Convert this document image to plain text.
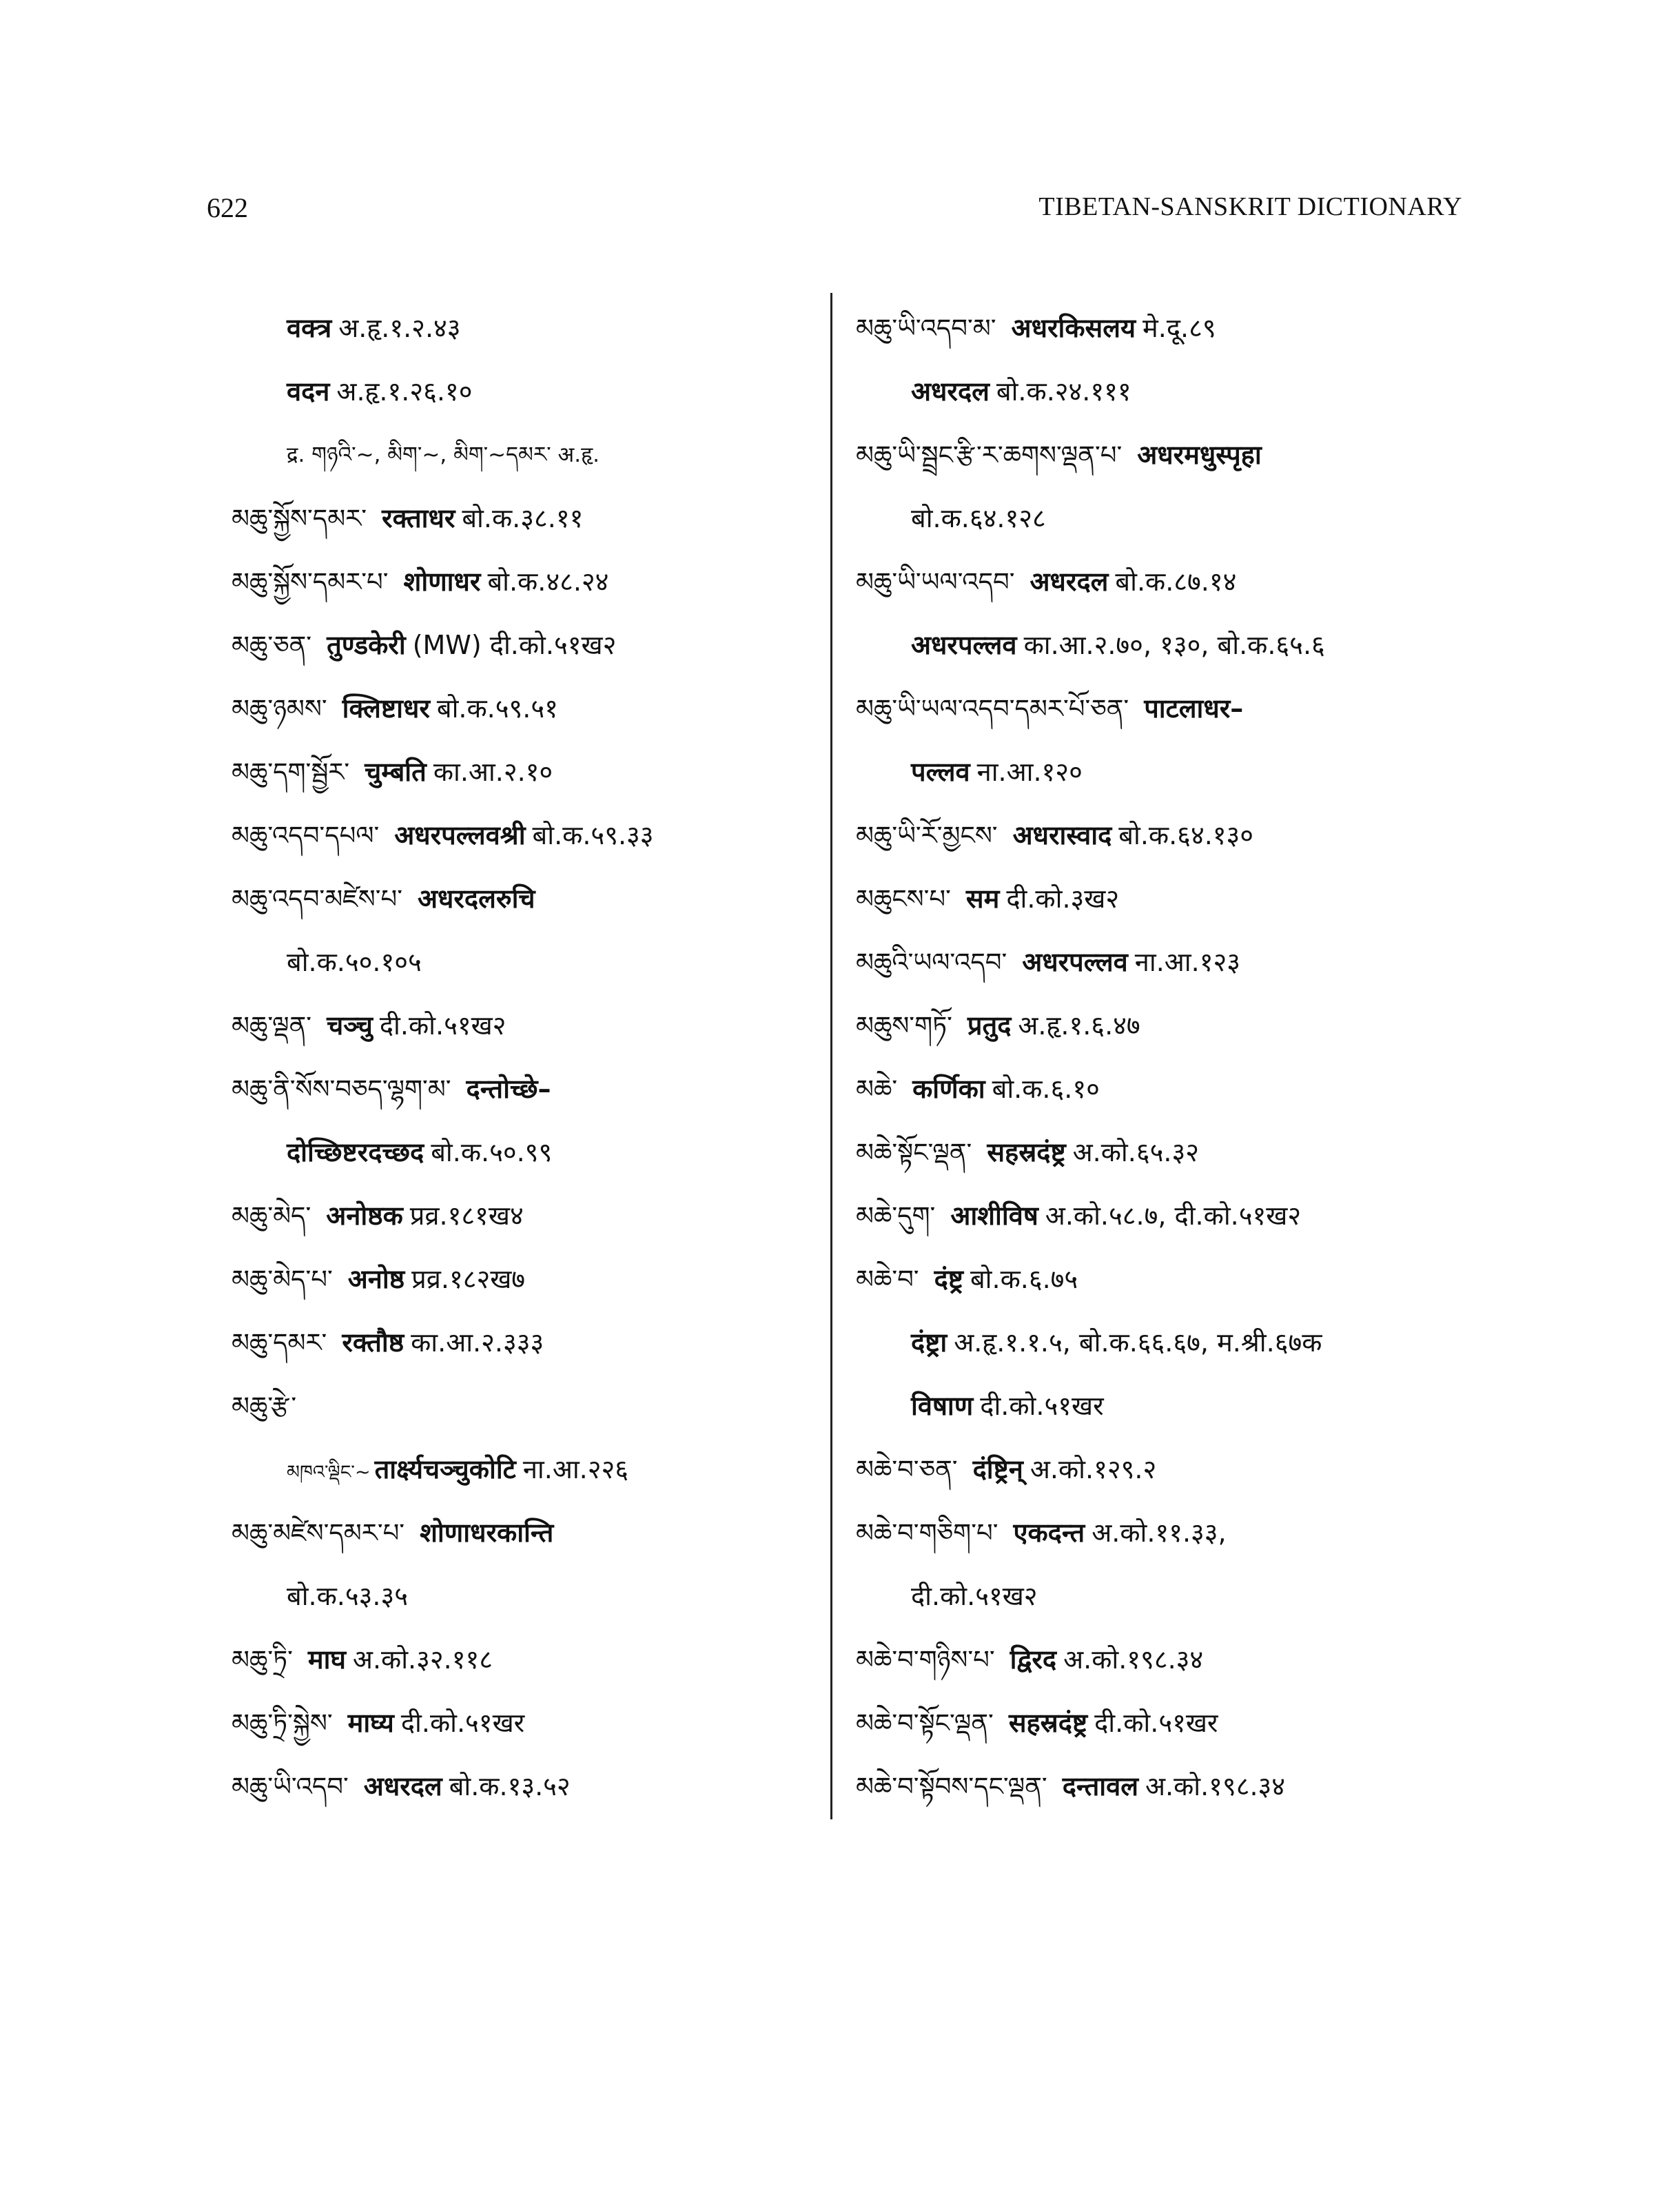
622	TIBETAN-SANSKRIT DICTIONARY
वक्त्र अ.हृ.१.२.४३
वदन अ.हृ.१.२६.१०
द्र. གཉའི་~, མིག་~, མིག་~དམར་ अ.हृ.
མཆུ་སྐྱོས་དམར་ रक्ताधर बो.क.३८.११
མཆུ་སྐྱོས་དམར་པ་ शोणाधर बो.क.४८.२४
མཆུ་ཅན་ तुण्डकेरी (MW) दी.को.५१ख२
མཆུ་ཉམས་ क्लिष्टाधर बो.क.५९.५१
མཆུ་དག་སྦྱོར་ चुम्बति का.आ.२.१०
མཆུ་འདབ་དཔལ་ अधरपल्लवश्री बो.क.५९.३३
མཆུ་འདབ་མཛེས་པ་ अधरदलरुचि
बो.क.५०.१०५
མཆུ་ལྡན་ चञ्चु दी.को.५१ख२
མཆུ་ནི་སོས་བཅད་ལྷག་མ་ दन्तोच्छे–
दोच्छिष्टरदच्छद बो.क.५०.९९
མཆུ་མེད་ अनोष्ठक प्रव्र.१८१ख४
མཆུ་མེད་པ་ अनोष्ठ प्रव्र.१८२ख७
མཆུ་དམར་ रक्तौष्ठ का.आ.२.३३३
མཆུ་རྩེ་
མཁའ་ལྡིང་~ तार्क्ष्यचञ्चुकोटि ना.आ.२२६
མཆུ་མཛེས་དམར་པ་ शोणाधरकान्ति
बो.क.५३.३५
མཆུ་ཏྲི་ माघ अ.को.३२.११८
མཆུ་ཏྲི་སྐྱེས་ माघ्य दी.को.५१खर
མཆུ་ཡི་འདབ་ अधरदल बो.क.१३.५२
མཆུ་ཡི་འདབ་མ་ अधरकिसलय मे.दू.८९
अधरदल बो.क.२४.१११
མཆུ་ཡི་སྦྲང་རྩི་ར་ཆགས་ལྡན་པ་ अधरमधुस्पृहा
बो.क.६४.१२८
མཆུ་ཡི་ཡལ་འདབ་ अधरदल बो.क.८७.१४
अधरपल्लव का.आ.२.७०, १३०, बो.क.६५.६
མཆུ་ཡི་ཡལ་འདབ་དམར་པོ་ཅན་ पाटलाधर–
पल्लव ना.आ.१२०
མཆུ་ཡི་རོ་མྱངས་ अधरास्वाद बो.क.६४.१३०
མཆུངས་པ་ सम दी.को.३ख२
མཆུའི་ཡལ་འདབ་ अधरपल्लव ना.आ.१२३
མཆུས་གཏོ་ प्रतुद अ.हृ.१.६.४७
མཆེ་ कर्णिका बो.क.६.१०
མཆེ་སྟོང་ལྡན་ सहस्रदंष्ट्र अ.को.६५.३२
མཆེ་དུག་ आशीविष अ.को.५८.७, दी.को.५१ख२
མཆེ་བ་ दंष्ट्र बो.क.६.७५
दंष्ट्रा अ.हृ.१.१.५, बो.क.६६.६७, म.श्री.६७क
विषाण दी.को.५१खर
མཆེ་བ་ཅན་ दंष्ट्रिन् अ.को.१२९.२
མཆེ་བ་གཅིག་པ་ एकदन्त अ.को.११.३३,
दी.को.५१ख२
མཆེ་བ་གཉིས་པ་ द्विरद अ.को.१९८.३४
མཆེ་བ་སྟོང་ལྡན་ सहस्रदंष्ट्र दी.को.५१खर
མཆེ་བ་སྟོབས་དང་ལྡན་ दन्तावल अ.को.१९८.३४
